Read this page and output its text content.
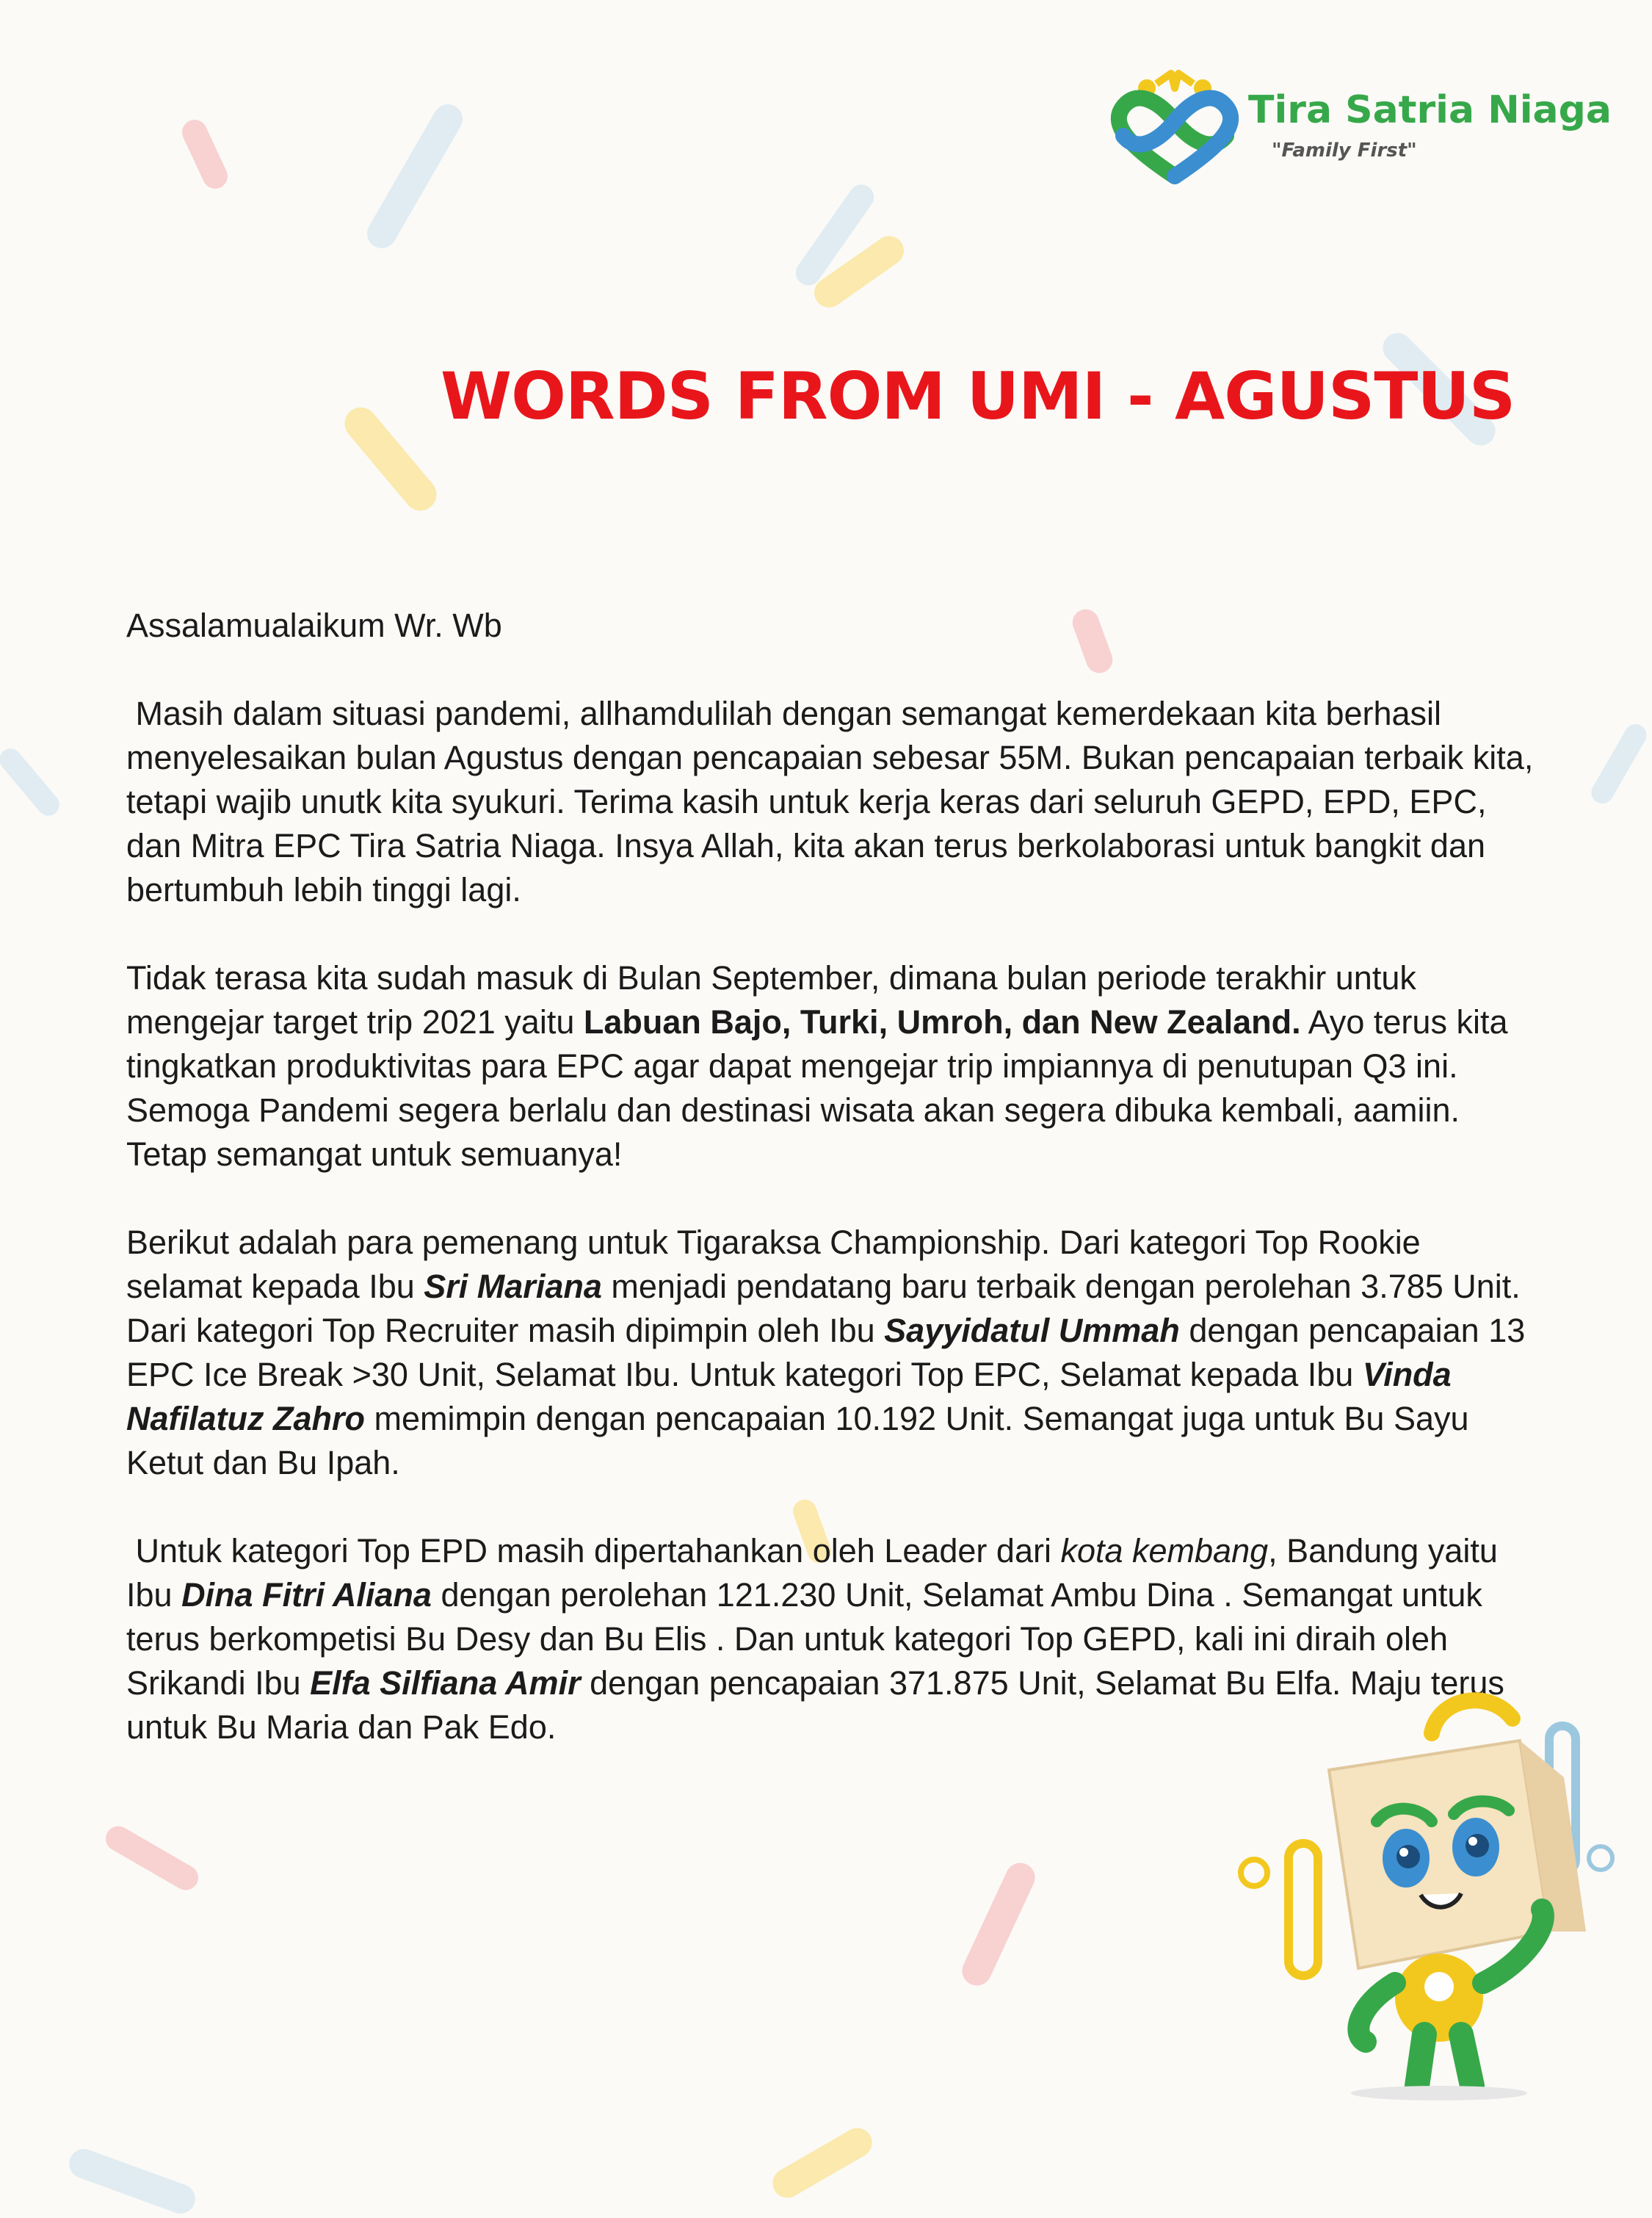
Tira Satria Niaga
"Family First"
WORDS FROM UMI - AGUSTUS

Assalamualaikum Wr. Wb

Masih dalam situasi pandemi, allhamdulilah dengan semangat kemerdekaan kita berhasil menyelesaikan bulan Agustus dengan pencapaian sebesar 55M. Bukan pencapaian terbaik kita, tetapi wajib unutk kita syukuri. Terima kasih untuk kerja keras dari seluruh GEPD, EPD, EPC, dan Mitra EPC Tira Satria Niaga. Insya Allah, kita akan terus berkolaborasi untuk bangkit dan bertumbuh lebih tinggi lagi.

Tidak terasa kita sudah masuk di Bulan September, dimana bulan periode terakhir untuk mengejar target trip 2021 yaitu Labuan Bajo, Turki, Umroh, dan New Zealand. Ayo terus kita tingkatkan produktivitas para EPC agar dapat mengejar trip impiannya di penutupan Q3 ini. Semoga Pandemi segera berlalu dan destinasi wisata akan segera dibuka kembali, aamiin. Tetap semangat untuk semuanya!

Berikut adalah para pemenang untuk Tigaraksa Championship. Dari kategori Top Rookie selamat kepada Ibu Sri Mariana menjadi pendatang baru terbaik dengan perolehan 3.785 Unit. Dari kategori Top Recruiter masih dipimpin oleh Ibu Sayyidatul Ummah dengan pencapaian 13 EPC Ice Break >30 Unit, Selamat Ibu. Untuk kategori Top EPC, Selamat kepada Ibu Vinda Nafilatuz Zahro memimpin dengan pencapaian 10.192 Unit. Semangat juga untuk Bu Sayu Ketut dan Bu Ipah.

Untuk kategori Top EPD masih dipertahankan oleh Leader dari kota kembang, Bandung yaitu Ibu Dina Fitri Aliana dengan perolehan 121.230 Unit, Selamat Ambu Dina . Semangat untuk terus berkompetisi Bu Desy dan Bu Elis . Dan untuk kategori Top GEPD, kali ini diraih oleh Srikandi Ibu Elfa Silfiana Amir dengan pencapaian 371.875 Unit, Selamat Bu Elfa. Maju terus untuk Bu Maria dan Pak Edo.
